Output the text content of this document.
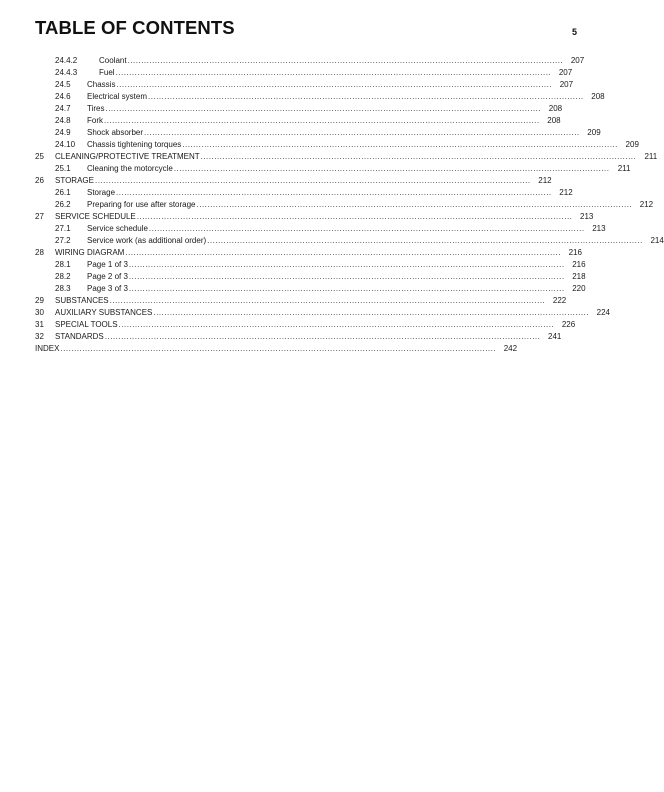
TABLE OF CONTENTS	5
24.4.2	Coolant ................................................................................................................................................................ 207
24.4.3	Fuel ................................................................................................................................................................ 207
24.5 Chassis ................................................................................................................................................................ 207
24.6 Electrical system ................................................................................................................................................................ 208
24.7 Tires ................................................................................................................................................................ 208
24.8 Fork ................................................................................................................................................................ 208
24.9 Shock absorber ................................................................................................................................................................ 209
24.10 Chassis tightening torques ................................................................................................................................................................ 209
25 CLEANING/PROTECTIVE TREATMENT ................................................................................................................................................................	211
25.1 Cleaning the motorcycle ................................................................................................................................................................	211
26 STORAGE ................................................................................................................................................................ 212
26.1 Storage ................................................................................................................................................................ 212
26.2 Preparing for use after storage ................................................................................................................................................................ 212
27 SERVICE SCHEDULE ................................................................................................................................................................ 213
27.1 Service schedule ................................................................................................................................................................ 213
27.2 Service work (as additional order) ................................................................................................................................................................ 214
28 WIRING DIAGRAM ................................................................................................................................................................ 216
28.1 Page 1 of 3 ................................................................................................................................................................ 216
28.2 Page 2 of 3 ................................................................................................................................................................ 218
28.3 Page 3 of 3 ................................................................................................................................................................ 220
29 SUBSTANCES ................................................................................................................................................................ 222
30 AUXILIARY SUBSTANCES ................................................................................................................................................................ 224
31 SPECIAL TOOLS ................................................................................................................................................................ 226
32 STANDARDS ................................................................................................................................................................ 241
INDEX ................................................................................................................................................................ 242
